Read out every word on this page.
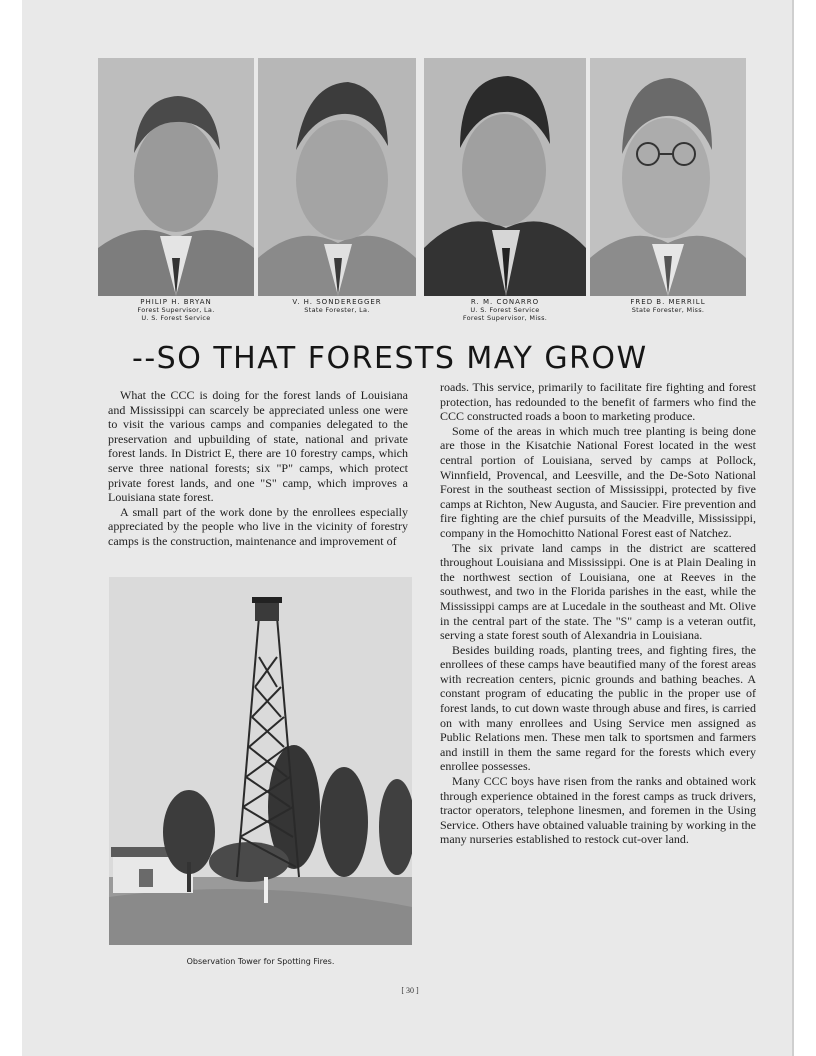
PHILIP H. BRYAN
Forest Supervisor, La.
U. S. Forest Service
V. H. SONDEREGGER
State Forester, La.
R. M. CONARRO
U. S. Forest Service
Forest Supervisor, Miss.
FRED B. MERRILL
State Forester, Miss.
--SO THAT FORESTS MAY GROW

What the CCC is doing for the forest lands of Louisiana and Mississippi can scarcely be appreciated unless one were to visit the various camps and companies delegated to the preservation and upbuilding of state, national and private forest lands. In District E, there are 10 forestry camps, which serve three national forests; six "P" camps, which protect private forest lands, and one "S" camp, which improves a Louisiana state forest.

A small part of the work done by the enrollees especially appreciated by the people who live in the vicinity of forestry camps is the construction, maintenance and improvement of

roads. This service, primarily to facilitate fire fighting and forest protection, has redounded to the benefit of farmers who find the CCC constructed roads a boon to marketing produce.

Some of the areas in which much tree planting is being done are those in the Kisatchie National Forest located in the west central portion of Louisiana, served by camps at Pollock, Winnfield, Provencal, and Leesville, and the De-Soto National Forest in the southeast section of Mississippi, protected by five camps at Richton, New Augusta, and Saucier. Fire prevention and fire fighting are the chief pursuits of the Meadville, Mississippi, company in the Homochitto National Forest east of Natchez.

The six private land camps in the district are scattered throughout Louisiana and Mississippi. One is at Plain Dealing in the northwest section of Louisiana, one at Reeves in the southwest, and two in the Florida parishes in the east, while the Mississippi camps are at Lucedale in the southeast and Mt. Olive in the central part of the state. The "S" camp is a veteran outfit, serving a state forest south of Alexandria in Louisiana.

Besides building roads, planting trees, and fighting fires, the enrollees of these camps have beautified many of the forest areas with recreation centers, picnic grounds and bathing beaches. A constant program of educating the public in the proper use of forest lands, to cut down waste through abuse and fires, is carried on with many enrollees and Using Service men assigned as Public Relations men. These men talk to sportsmen and farmers and instill in them the same regard for the forests which every enrollee possesses.

Many CCC boys have risen from the ranks and obtained work through experience obtained in the forest camps as truck drivers, tractor operators, telephone linesmen, and foremen in the Using Service. Others have obtained valuable training by working in the many nurseries established to restock cut-over land.

Observation Tower for Spotting Fires.
[ 30 ]
